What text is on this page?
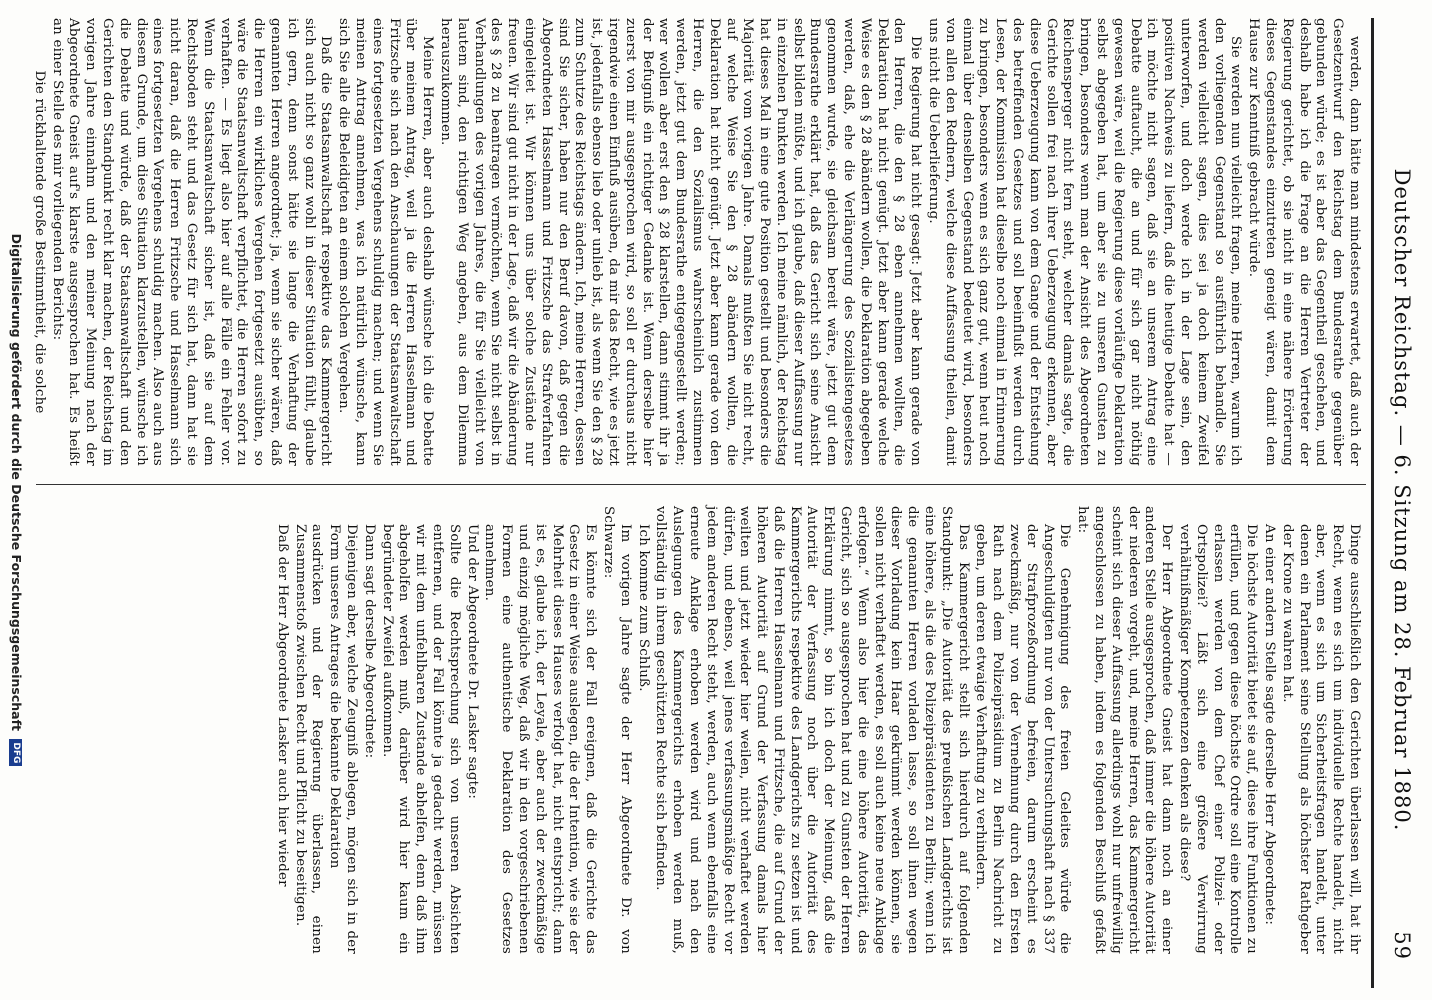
Deutscher Reichstag. — 6. Sitzung am 28. Februar 1880.
59

werden, dann hätte man mindestens erwartet, daß auch der Gesetzentwurf den Reichstag dem Bundesrathe gegenüber gebunden würde; es ist aber das Gegentheil geschehen, und deshalb habe ich die Frage an die Herren Vertreter der Regierung gerichtet, ob sie nicht in eine nähere Erörterung dieses Gegenstandes einzutreten geneigt wären, damit dem Hause zur Kenntniß gebracht würde.

Sie werden nun vielleicht fragen, meine Herren, warum ich den vorliegenden Gegenstand so ausführlich behandle. Sie werden vielleicht sagen, dies sei ja doch keinem Zweifel unterworfen, und doch werde ich in der Lage sein, den positiven Nachweis zu liefern, daß die heutige Debatte hat — ich möchte nicht sagen, daß sie an unserem Antrag eine Debatte auftaucht, die an und für sich gar nicht nöthig gewesen wäre, weil die Regierung diese vorläufige Deklaration selbst abgegeben hat, um aber sie zu unseren Gunsten zu bringen, besonders wenn man der Ansicht des Abgeordneten Reichensperger nicht fern steht, welcher damals sagte, die Gerichte sollen frei nach ihrer Ueberzeugung erkennen, aber diese Ueberzeugung kann von dem Gange und der Entstehung des betreffenden Gesetzes und soll beeinflußt werden durch Lesen, der Kommission hat dieselbe noch einmal in Erinnerung zu bringen, besonders wenn es sich ganz gut, wenn heut noch einmal über denselben Gegenstand bedeutet wird, besonders von allen den Rednern, welche diese Auffassung theilen, damit uns nicht die Ueberlieferung.

Die Regierung hat nicht gesagt: Jetzt aber kann gerade von den Herren, die den § 28 eben annehmen wollten, die Deklaration hat nicht genügt. Jetzt aber kann gerade welche Weise es den § 28 abändern wollen, die Deklaration abgegeben werden, daß, ehe die Verlängerung des Sozialistengesetzes genommen wurde, sie gleichsam bereit wäre, jetzt gut dem Bundesrathe erklärt hat, daß das Gericht sich seine Ansicht selbst bilden müßte, und ich glaube, daß dieser Auffassung nur in einzelnen Punkten werden. Ich meine nämlich, der Reichstag hat dieses Mal in eine gute Position gestellt und besonders die Majorität vom vorigen Jahre. Damals mußten Sie nicht recht, auf welche Weise Sie den § 28 abändern wollten, die Deklaration hat nicht genügt. Jetzt aber kann gerade von den Herren, die den Sozialismus wahrscheinlich zustimmen werden, jetzt gut dem Bundesrathe entgegengestellt werden; wer wollen aber erst den § 28 klarstellen, dann stimmt ihr ja der Befugniß ein richtiger Gedanke ist. Wenn derselbe hier zuerst von mir ausgesprochen wird, so soll er durchaus nicht irgendwie einen Einfluß ausüben, da mir das Recht, wie es jetzt ist, jedenfalls ebenso lieb oder unlieb ist, als wenn Sie den § 28 zum Schutze des Reichstags ändern. Ich, meine Herren, dessen sind Sie sicher, haben nur den Beruf davon, daß gegen die Abgeordneten Hasselmann und Fritzsche das Strafverfahren eingeleitet ist. Wir können uns über solche Zustände nur freuen. Wir sind gut nicht in der Lage, daß wir die Abänderung des § 28 zu beantragen vermöchten, wenn Sie nicht selbst in Verhandlungen des vorigen Jahres, die für Sie vielleicht von lautem sind, den richtigen Weg angeben, aus dem Dilemma herauszukommen.

Meine Herren, aber auch deshalb wünsche ich die Debatte über meinem Antrag, weil ja die Herren Hasselmann und Fritzsche sich nach den Anschauungen der Staatsanwaltschaft eines fortgesetzten Vergehens schuldig machen; und wenn Sie meinen Antrag annehmen, was ich natürlich wünsche, kann sich Sie alle die Beleidigten an einem solchen Vergehen.

Daß die Staatsanwaltschaft respektive das Kammergericht sich auch nicht so ganz wohl in dieser Situation fühlt, glaube ich gern, denn sonst hätte sie lange die Verhaftung der genannten Herren angeordnet; ja, wenn sie sicher wären, daß die Herren ein wirkliches Vergehen fortgesetzt ausübten, so wäre die Staatsanwaltschaft verpflichtet, die Herren sofort zu verhaften. — Es liegt also hier auf alle Fälle ein Fehler vor. Wenn die Staatsanwaltschaft sicher ist, daß sie auf dem Rechtsboden steht und das Gesetz für sich hat, dann hat sie nicht daran, daß die Herren Fritzsche und Hasselmann sich eines fortgesetzten Vergehens schuldig machen. Also auch aus diesem Grunde, um diese Situation klarzustellen, wünsche ich die Debatte und würde, daß der Staatsanwaltschaft und den Gerichten den Standpunkt recht klar machen, der Reichstag im vorigen Jahre einnahm und den meiner Meinung nach der Abgeordnete Gneist auf's klarste ausgesprochen hat. Es heißt an einer Stelle des mir vorliegenden Berichts:

Die rückhaltende große Bestimmtheit, die solche

Dinge ausschließlich den Gerichten überlassen will, hat ihr Recht, wenn es sich um individuelle Rechte handelt, nicht aber, wenn es sich um Sicherheitsfragen handelt, unter denen ein Parlament seine Stellung als höchster Rathgeber der Krone zu wahren hat.

An einer andern Stelle sagte derselbe Herr Abgeordnete:

Die höchste Autorität bietet sie auf, diese ihre Funktionen zu erfüllen, und gegen diese höchste Ordre soll eine Kontrolle erlassen werden von dem Chef einer Polizei- oder Ortspolizei? Läßt sich eine größere Verwirrung verhältnißmäßiger Kompetenzen denken als diese?

Der Herr Abgeordnete Gneist hat dann noch an einer anderen Stelle ausgesprochen, daß immer die höhere Autorität der niederen vorgeht, und, meine Herren, das Kammergericht scheint sich dieser Auffassung allerdings wohl nur unfreiwillig angeschlossen zu haben, indem es folgenden Beschluß gefaßt hat:

Die Genehmigung des freien Geleites würde die Angeschuldigten nur von der Untersuchungshaft nach § 337 der Strafprozeßordnung befreien, darum erscheint es zweckmäßig, nur von der Vernehmung durch den Ersten Rath nach dem Polizeipräsidium zu Berlin Nachricht zu geben, um deren etwaige Verhaftung zu verhindern.

Das Kammergericht stellt sich hierdurch auf folgenden Standpunkt: „Die Autorität des preußischen Landgerichts ist eine höhere, als die des Polizeipräsidenten zu Berlin; wenn ich die genannten Herren vorladen lasse, so soll ihnen wegen dieser Vorladung kein Haar gekrümmt werden können, sie sollen nicht verhaftet werden, es soll auch keine neue Anklage erfolgen.“ Wenn also hier die eine höhere Autorität, das Gericht, sich so ausgesprochen hat und zu Gunsten der Herren Erklärung nimmt, so bin ich doch der Meinung, daß die Autorität der Verfassung noch über die Autorität des Kammergerichts respektive des Landgerichts zu setzen ist und daß die Herren Hasselmann und Fritzsche, die auf Grund der höheren Autorität auf Grund der Verfassung damals hier weilten und jetzt wieder hier weilen, nicht verhaftet werden dürfen, und ebenso, weil jenes verfassungsmäßige Recht vor jedem anderen Recht steht, werden, auch wenn ebenfalls eine erneute Anklage erhoben werden wird und nach den Auslegungen des Kammergerichts erhoben werden muß, vollständig in ihrem geschützten Rechte sich befinden.

Ich komme zum Schluß.

Im vorigen Jahre sagte der Herr Abgeordnete Dr. von Schwarze:

Es könnte sich der Fall ereignen, daß die Gerichte das Gesetz in einer Weise auslegen, die der Intention, wie sie der Mehrheit dieses Hauses verfolgt hat, nicht entspricht; dann ist es, glaube ich, der Leyale, aber auch der zweckmäßige und einzig mögliche Weg, daß wir in den vorgeschriebenen Formen eine authentische Deklaration des Gesetzes annehmen.

Und der Abgeordnete Dr. Lasker sagte:

Sollte die Rechtsprechung sich von unseren Absichten entfernen, und der Fall könnte ja gedacht werden, müssen wir mit dem unfehlbaren Zustande abhelfen, denn daß ihm abgeholfen werden muß, darüber wird hier kaum ein begründeter Zweifel aufkommen.

Dann sagt derselbe Abgeordnete:

Diejenigen aber, welche Zeugniß ablegen, mögen sich in der Form unseres Antrages die bekannte Deklaration

ausdrücken und der Regierung überlassen, einen Zusammenstoß zwischen Recht und Pflicht zu beseitigen.

Daß der Herr Abgeordnete Lasker auch hier wieder

Digitalisierung gefördert durch die Deutsche Forschungsgemeinschaft DFG
